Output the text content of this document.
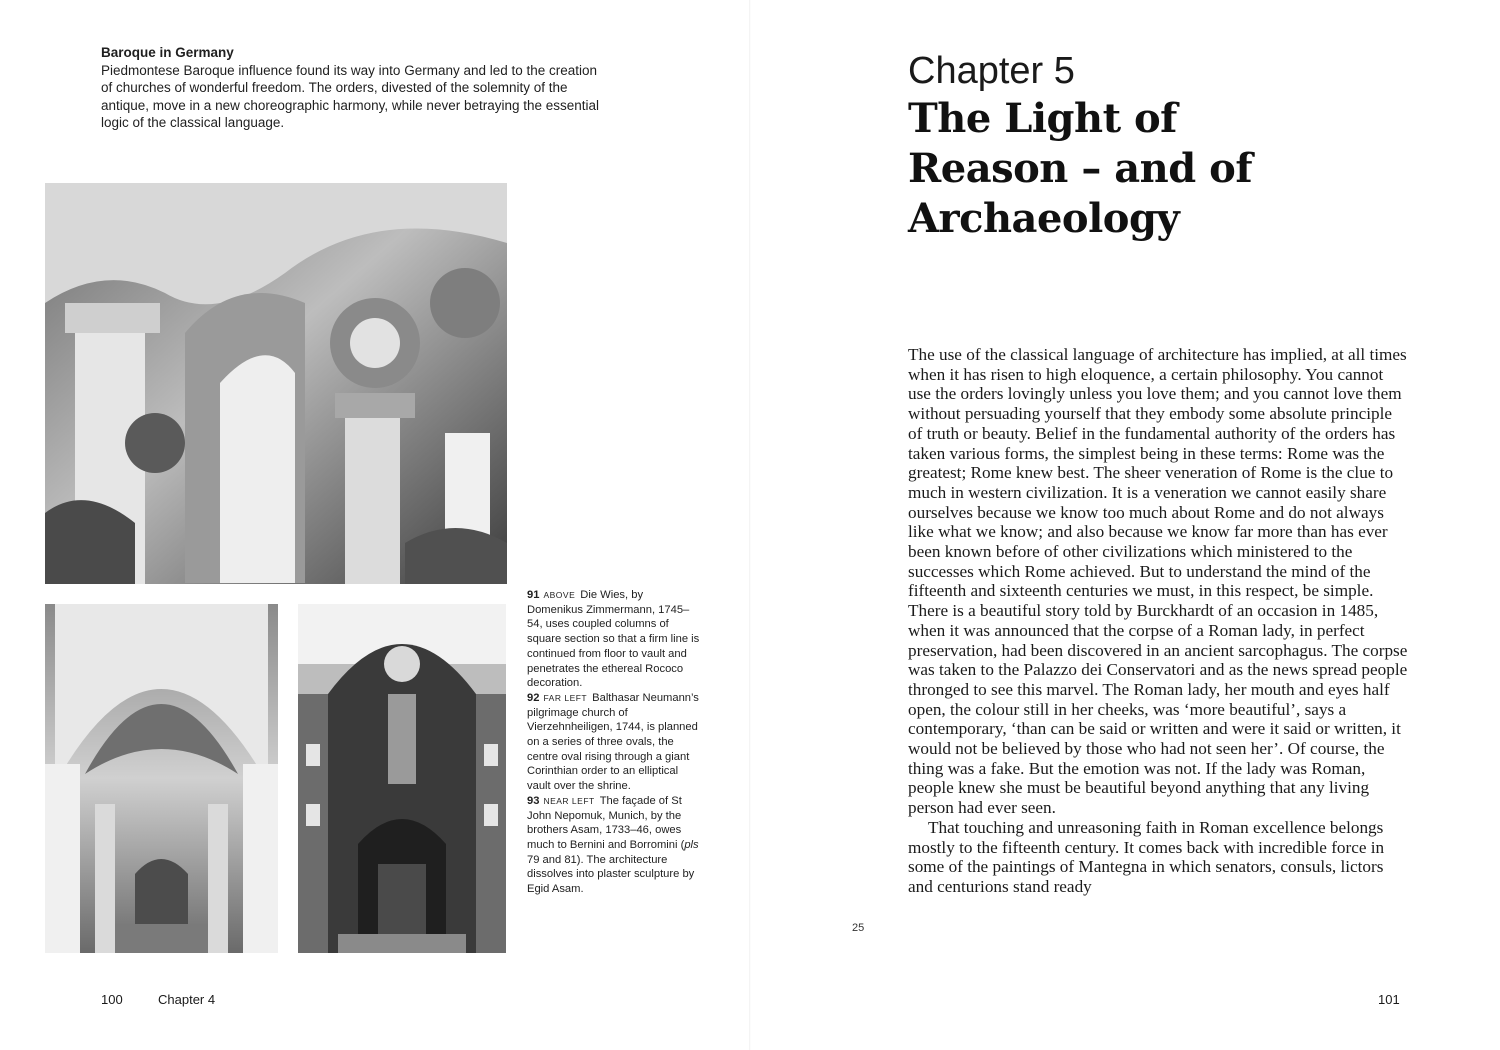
Baroque in Germany

Piedmontese Baroque influence found its way into Germany and led to the creation of churches of wonderful freedom. The orders, divested of the solemnity of the antique, move in a new choreographic harmony, while never betraying the essential logic of the classical language.

91 ABOVE Die Wies, by Domenikus Zimmermann, 1745–54, uses coupled columns of square section so that a firm line is continued from floor to vault and penetrates the ethereal Rococo decoration.

92 FAR LEFT Balthasar Neumann’s pilgrimage church of Vierzehnheiligen, 1744, is planned on a series of three ovals, the centre oval rising through a giant Corinthian order to an elliptical vault over the shrine.

93 NEAR LEFT The façade of St John Nepomuk, Munich, by the brothers Asam, 1733–46, owes much to Bernini and Borromini (pls 79 and 81). The architecture dissolves into plaster sculpture by Egid Asam.

100	Chapter 4
Chapter 5
The Light of
Reason – and of
Archaeology

The use of the classical language of architecture has implied, at all times when it has risen to high eloquence, a certain philosophy. You cannot use the orders lovingly unless you love them; and you cannot love them without persuading yourself that they embody some absolute principle of truth or beauty. Belief in the fundamental authority of the orders has taken various forms, the simplest being in these terms: Rome was the greatest; Rome knew best. The sheer veneration of Rome is the clue to much in western civilization. It is a veneration we cannot easily share ourselves because we know too much about Rome and do not always like what we know; and also because we know far more than has ever been known before of other civilizations which ministered to the successes which Rome achieved. But to understand the mind of the fifteenth and sixteenth centuries we must, in this respect, be simple. There is a beautiful story told by Burckhardt of an occasion in 1485, when it was announced that the corpse of a Roman lady, in perfect preservation, had been discovered in an ancient sarcophagus. The corpse was taken to the Palazzo dei Conservatori and as the news spread people thronged to see this marvel. The Roman lady, her mouth and eyes half open, the colour still in her cheeks, was ‘more beautiful’, says a contemporary, ‘than can be said or written and were it said or written, it would not be believed by those who had not seen her’. Of course, the thing was a fake. But the emotion was not. If the lady was Roman, people knew she must be beautiful beyond anything that any living person had ever seen.

That touching and unreasoning faith in Roman excellence belongs mostly to the fifteenth century. It comes back with incredible force in some of the paintings of Mantegna in which senators, consuls, lictors and centurions stand ready

25
101
